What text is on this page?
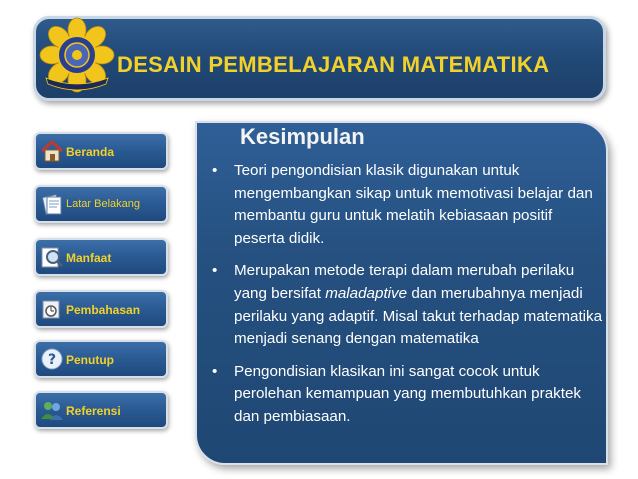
DESAIN PEMBELAJARAN MATEMATIKA
Beranda
Latar Belakang
Manfaat
Pembahasan
? Penutup
Referensi
Kesimpulan
• Teori pengondisian klasik digunakan untuk mengembangkan sikap untuk memotivasi belajar dan membantu guru untuk melatih kebiasaan positif peserta didik.
• Merupakan metode terapi dalam merubah perilaku yang bersifat maladaptive dan merubahnya menjadi perilaku yang adaptif. Misal takut terhadap matematika menjadi senang dengan matematika
• Pengondisian klasikan ini sangat cocok untuk perolehan kemampuan yang membutuhkan praktek dan pembiasaan.
